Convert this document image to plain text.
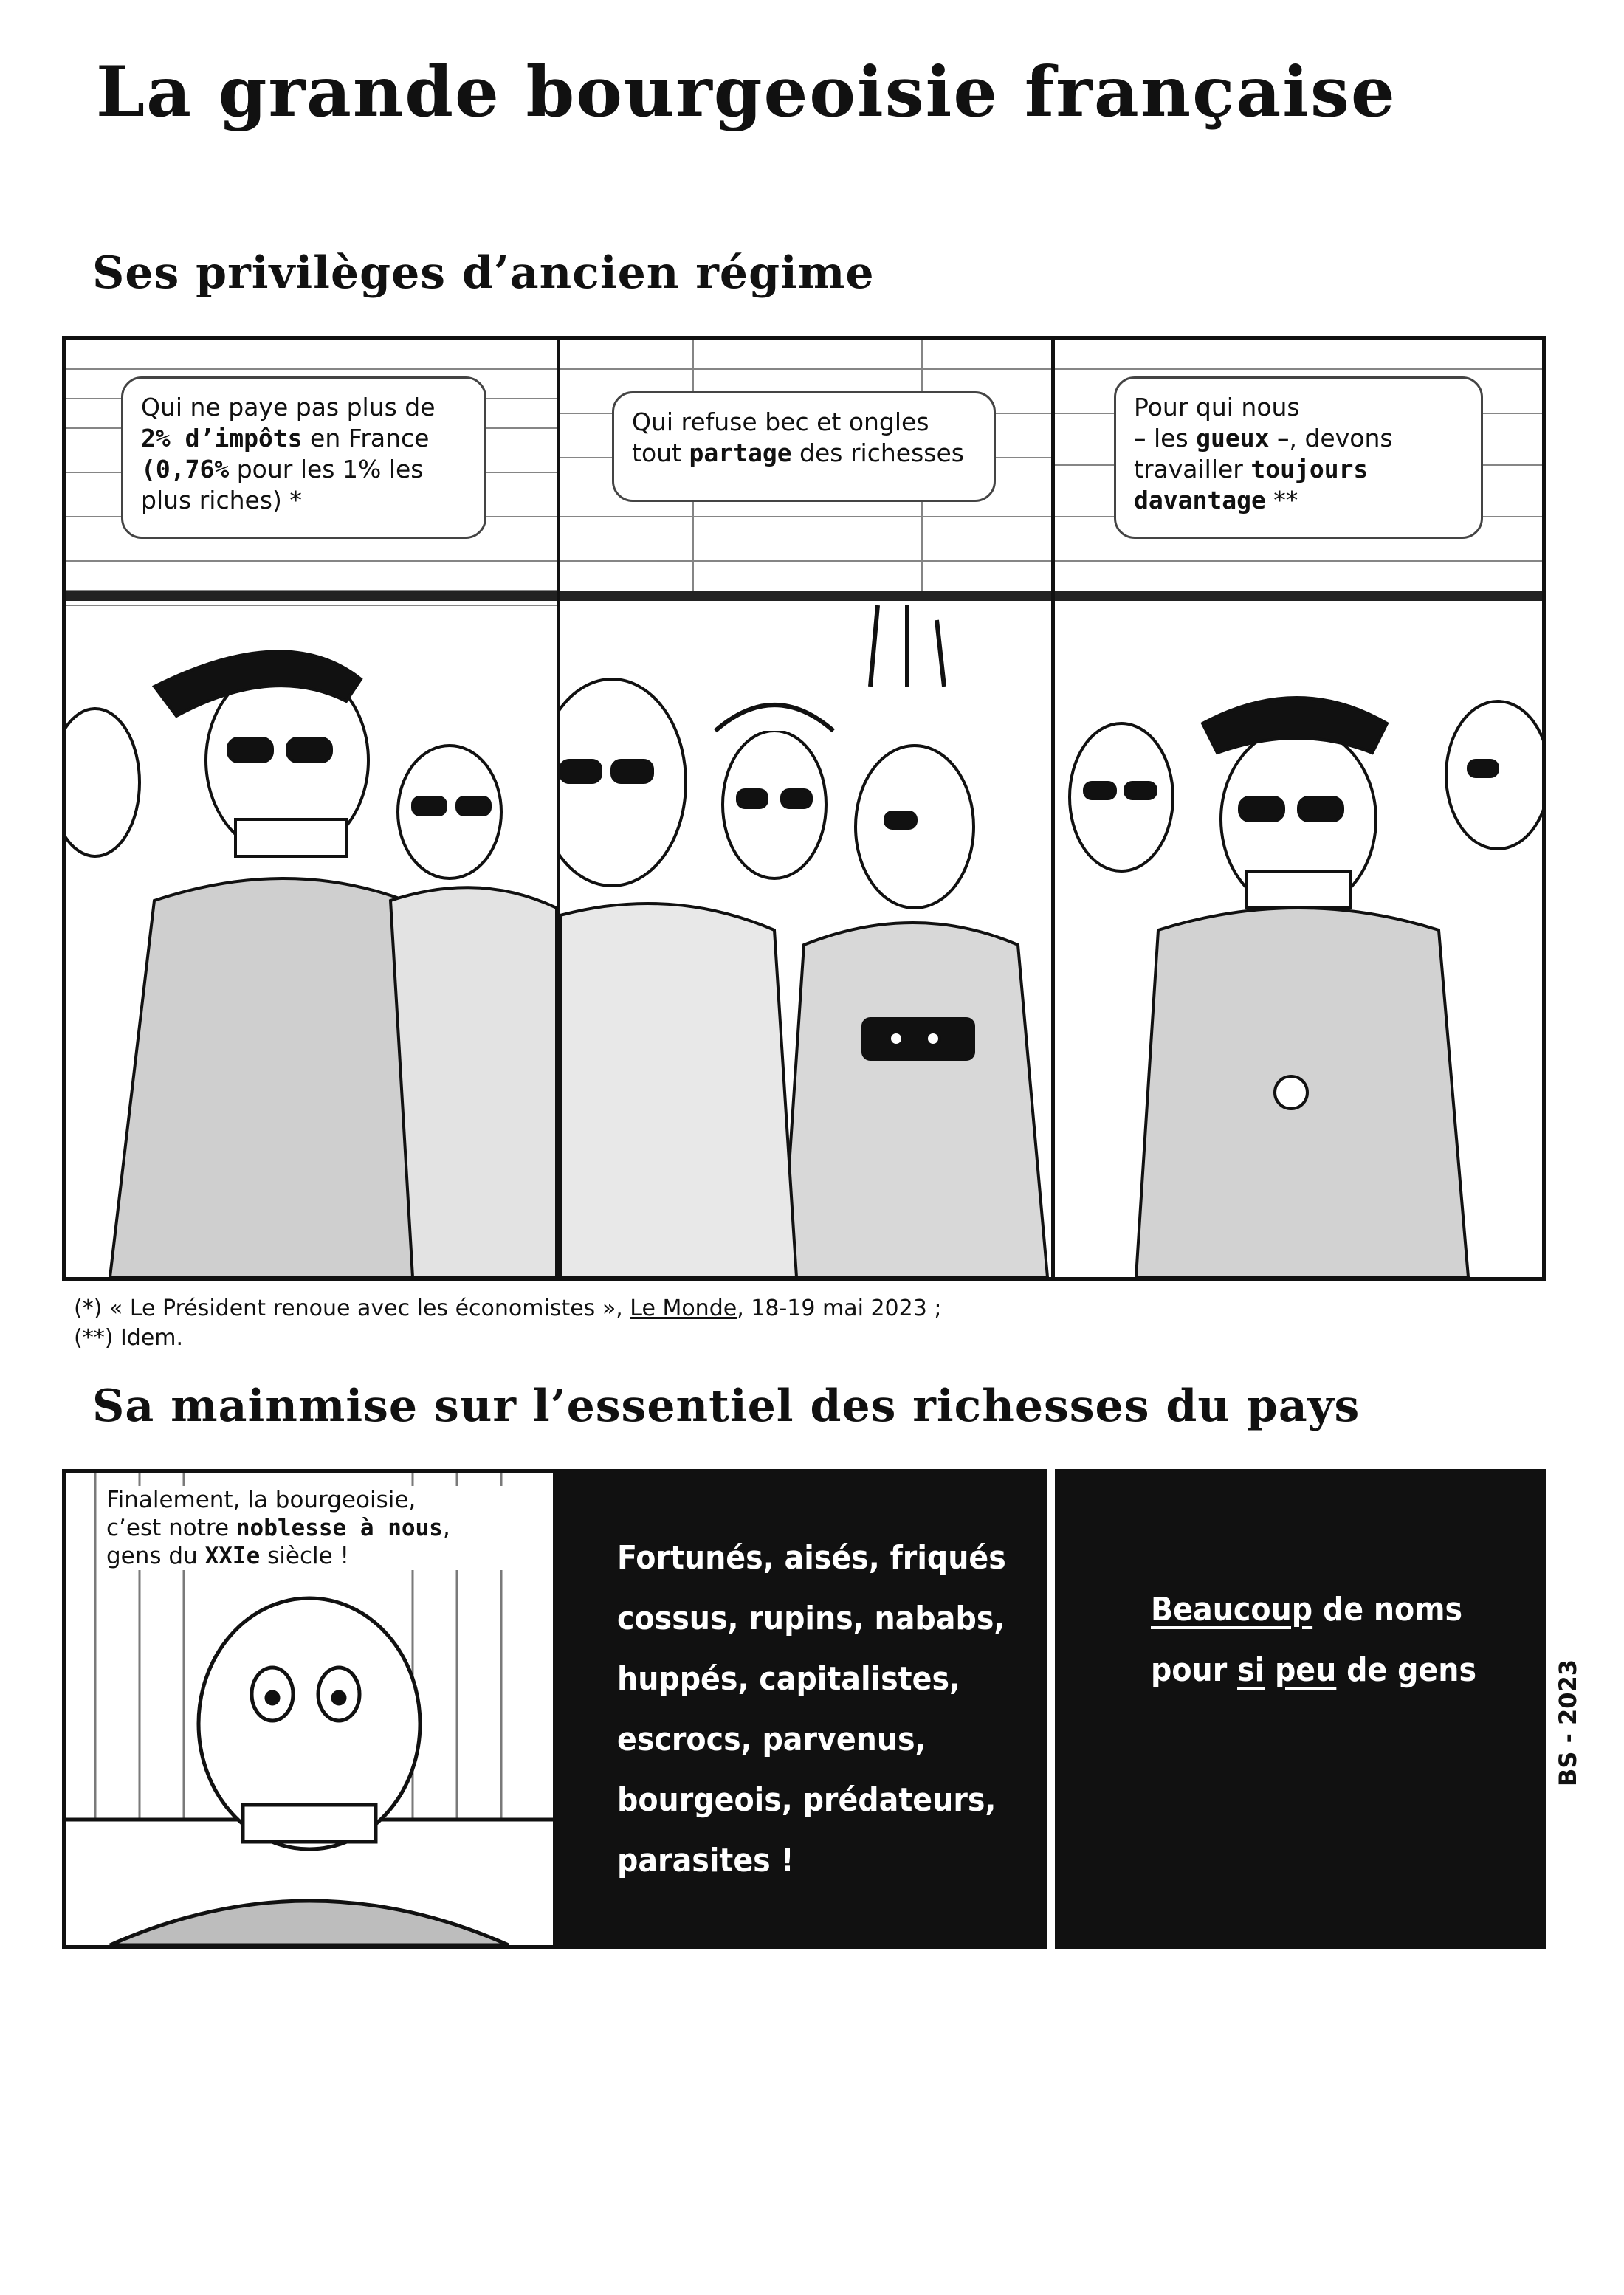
La grande bourgeoisie française
Ses privilèges d’ancien régime
Qui ne paye pas plus de
2% d’impôts en France
(0,76% pour les 1% les
plus riches) *
Qui refuse bec et ongles
tout partage des richesses
Pour qui nous
– les gueux –, devons
travailler toujours
davantage **
(*) « Le Président renoue avec les économistes », Le Monde, 18-19 mai 2023 ;
(**) Idem.
Sa mainmise sur l’essentiel des richesses du pays
Finalement, la bourgeoisie,
c’est notre noblesse à nous,
gens du XXIe siècle !	Fortunés, aisés, friqués
cossus, rupins, nababs,
huppés, capitalistes,
escrocs, parvenus,
bourgeois, prédateurs,
parasites !
Beaucoup de noms
pour si peu de gens	BS - 2023
